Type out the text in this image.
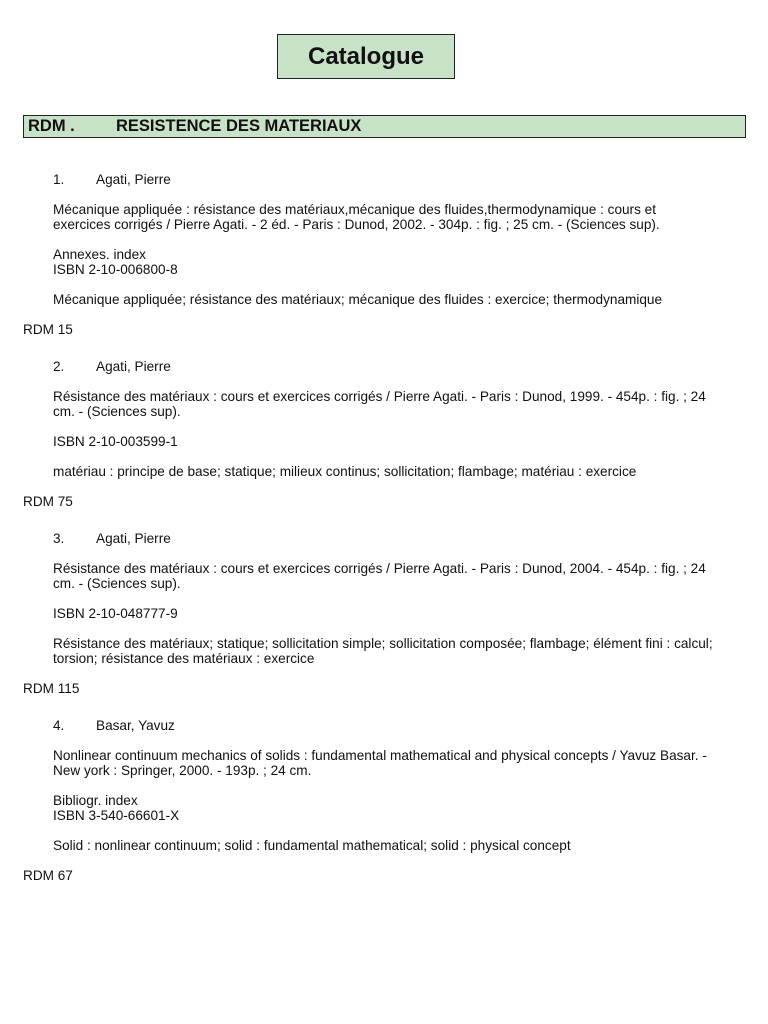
Catalogue
RDM .	RESISTENCE DES MATERIAUX

1. Agati, Pierre

Mécanique appliquée : résistance des matériaux,mécanique des fluides,thermodynamique : cours et

exercices corrigés / Pierre Agati. - 2 éd. - Paris : Dunod, 2002. - 304p. : fig. ; 25 cm. - (Sciences sup).

Annexes. index

ISBN 2-10-006800-8

Mécanique appliquée; résistance des matériaux; mécanique des fluides : exercice; thermodynamique

RDM 15

2. Agati, Pierre

Résistance des matériaux : cours et exercices corrigés / Pierre Agati. - Paris : Dunod, 1999. - 454p. : fig. ; 24

cm. - (Sciences sup).

ISBN 2-10-003599-1

matériau : principe de base; statique; milieux continus; sollicitation; flambage; matériau : exercice

RDM 75

3. Agati, Pierre

Résistance des matériaux : cours et exercices corrigés / Pierre Agati. - Paris : Dunod, 2004. - 454p. : fig. ; 24

cm. - (Sciences sup).

ISBN 2-10-048777-9

Résistance des matériaux; statique; sollicitation simple; sollicitation composée; flambage; élément fini : calcul;

torsion; résistance des matériaux : exercice

RDM 115

4. Basar, Yavuz

Nonlinear continuum mechanics of solids : fundamental mathematical and physical concepts / Yavuz Basar. -

New york : Springer, 2000. - 193p. ; 24 cm.

Bibliogr. index

ISBN 3-540-66601-X

Solid : nonlinear continuum; solid : fundamental mathematical; solid : physical concept

RDM 67
